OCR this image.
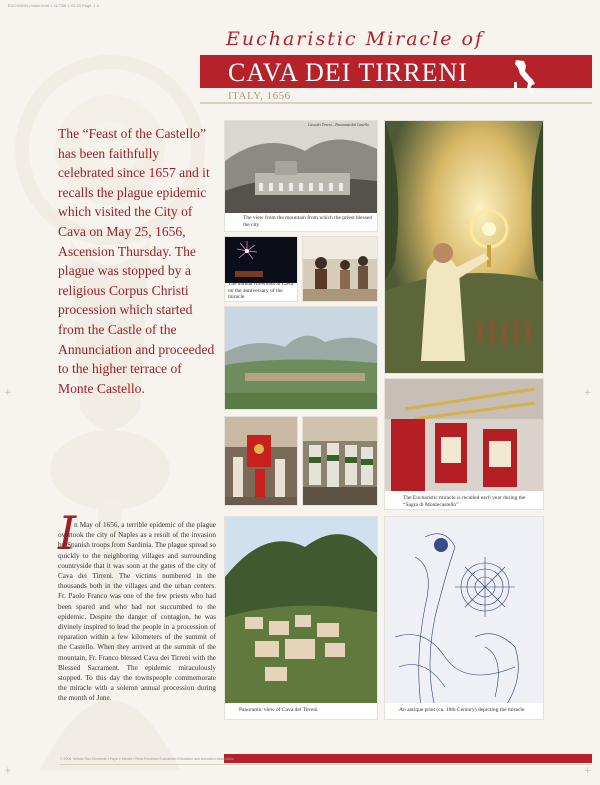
EUCH0004 poster.indd 1 11/7/06 1:03:33 Page: 1 A
Eucharistic Miracle of
CAVA DEI TIRRENI
ITALY, 1656
The “Feast of the Castello” has been faithfully celebrated since 1657 and it recalls the plague epidemic which visited the City of Cava on May 25, 1656, Ascension Thursday. The plague was stopped by a religious Corpus Christi procession which started from the Castle of the Annunciation and proceeded to the higher terrace of Monte Castello.
Cava dei Tirreni – Panorama dal Castello
The view from the mountain from which the priest blessed the city
The annual fireworks at Cava on the anniversary of the miracle
The Eucharistic miracle is recalled each year during the “Sagra di Montecastello”
Panoramic view of Cava dei Tirreni	An antique print (ca. 18th Century) depicting the miracle
I
n May of 1656, a terrible epidemic of the plague overtook the city of Naples as a result of the invasion by Spanish troops from Sardinia. The plague spread so quickly to the neighboring villages and surrounding countryside that it was soon at the gates of the city of Cava dei Tirreni. The victims numbered in the thousands both in the villages and the urban centers. Fr. Paolo Franco was one of the few priests who had been spared and who had not succumbed to the epidemic. Despite the danger of contagion, he was divinely inspired to lead the people in a procession of reparation within a few kilometers of the summit of the Castello. When they arrived at the summit of the mountain, Fr. Franco blessed Cava dei Tirreni with the Blessed Sacrament. The epidemic miraculously stopped. To this day the townspeople commemorate the miracle with a solemn annual procession during the month of June.
+	+
+	+
© 2006, Istituto San Clemente I Papa e Martire / Real Presence Eucharistic Education and Adoration Association
